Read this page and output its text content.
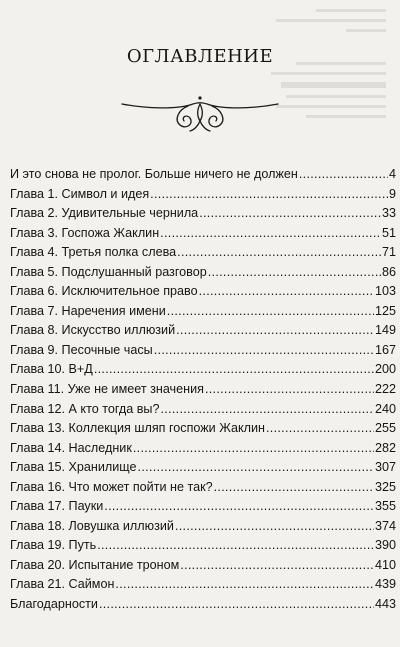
ОГЛАВЛЕНИЕ
И это снова не пролог. Больше ничего не должен . . .	4
Глава 1. Символ и идея . . .	9
Глава 2. Удивительные чернила . . .	33
Глава 3. Госпожа Жаклин . . .	51
Глава 4. Третья полка слева . . .	71
Глава 5. Подслушанный разговор . . .	86
Глава 6. Исключительное право . . .	103
Глава 7. Наречения имени . . .	125
Глава 8. Искусство иллюзий . . .	149
Глава 9. Песочные часы . . .	167
Глава 10. В+Д . . .	200
Глава 11. Уже не имеет значения . . .	222
Глава 12. А кто тогда вы? . . .	240
Глава 13. Коллекция шляп госпожи Жаклин . . .	255
Глава 14. Наследник . . .	282
Глава 15. Хранилище . . .	307
Глава 16. Что может пойти не так? . . .	325
Глава 17. Пауки . . .	355
Глава 18. Ловушка иллюзий . . .	374
Глава 19. Путь . . .	390
Глава 20. Испытание троном . . .	410
Глава 21. Саймон . . .	439
Благодарности . . .	443
